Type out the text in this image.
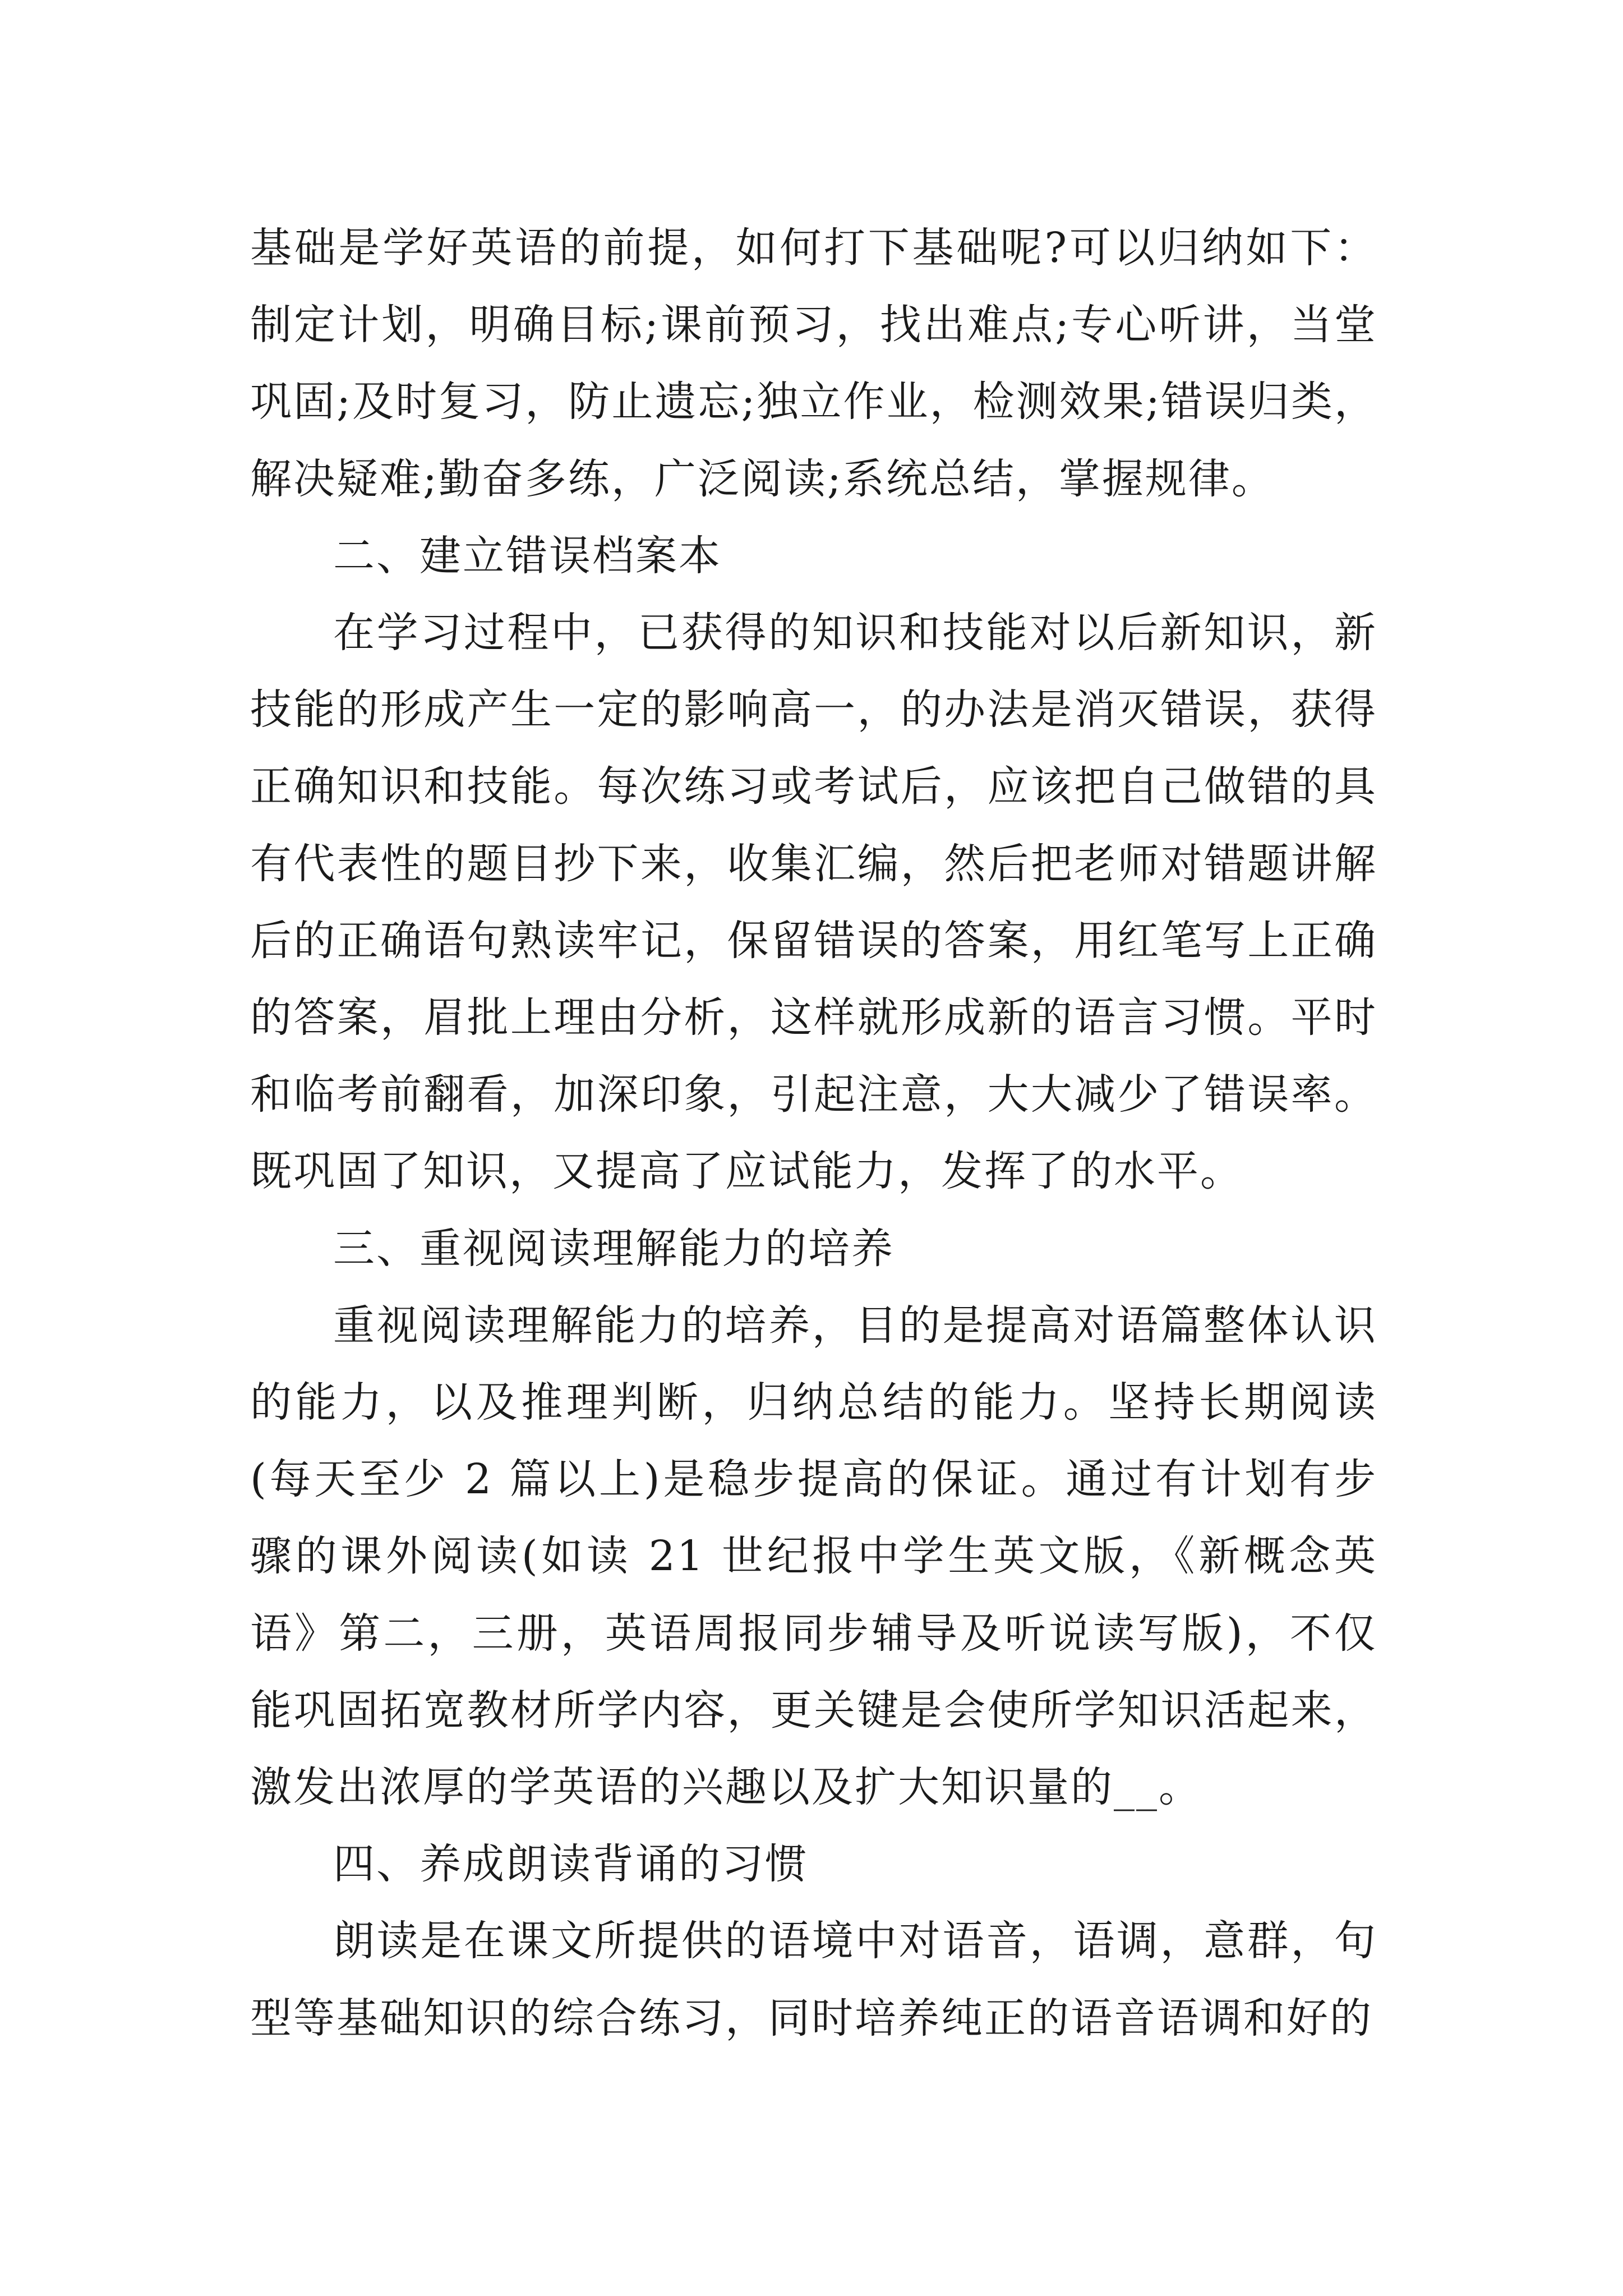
基础是学好英语的前提，如何打下基础呢?可以归纳如下：制定计划，明确目标;课前预习，找出难点;专心听讲，当堂巩固;及时复习，防止遗忘;独立作业，检测效果;错误归类，解决疑难;勤奋多练，广泛阅读;系统总结，掌握规律。

二、建立错误档案本

在学习过程中，已获得的知识和技能对以后新知识，新技能的形成产生一定的影响高一，的办法是消灭错误，获得正确知识和技能。每次练习或考试后，应该把自己做错的具有代表性的题目抄下来，收集汇编，然后把老师对错题讲解后的正确语句熟读牢记，保留错误的答案，用红笔写上正确的答案，眉批上理由分析，这样就形成新的语言习惯。平时和临考前翻看，加深印象，引起注意，大大减少了错误率。既巩固了知识，又提高了应试能力，发挥了的水平。

三、重视阅读理解能力的培养

重视阅读理解能力的培养，目的是提高对语篇整体认识的能力，以及推理判断，归纳总结的能力。坚持长期阅读(每天至少 2 篇以上)是稳步提高的保证。通过有计划有步骤的课外阅读(如读 21 世纪报中学生英文版，《新概念英语》第二，三册，英语周报同步辅导及听说读写版)，不仅能巩固拓宽教材所学内容，更关键是会使所学知识活起来，激发出浓厚的学英语的兴趣以及扩大知识量的__。

四、养成朗读背诵的习惯

朗读是在课文所提供的语境中对语音，语调，意群，句型等基础知识的综合练习，同时培养纯正的语音语调和好的
